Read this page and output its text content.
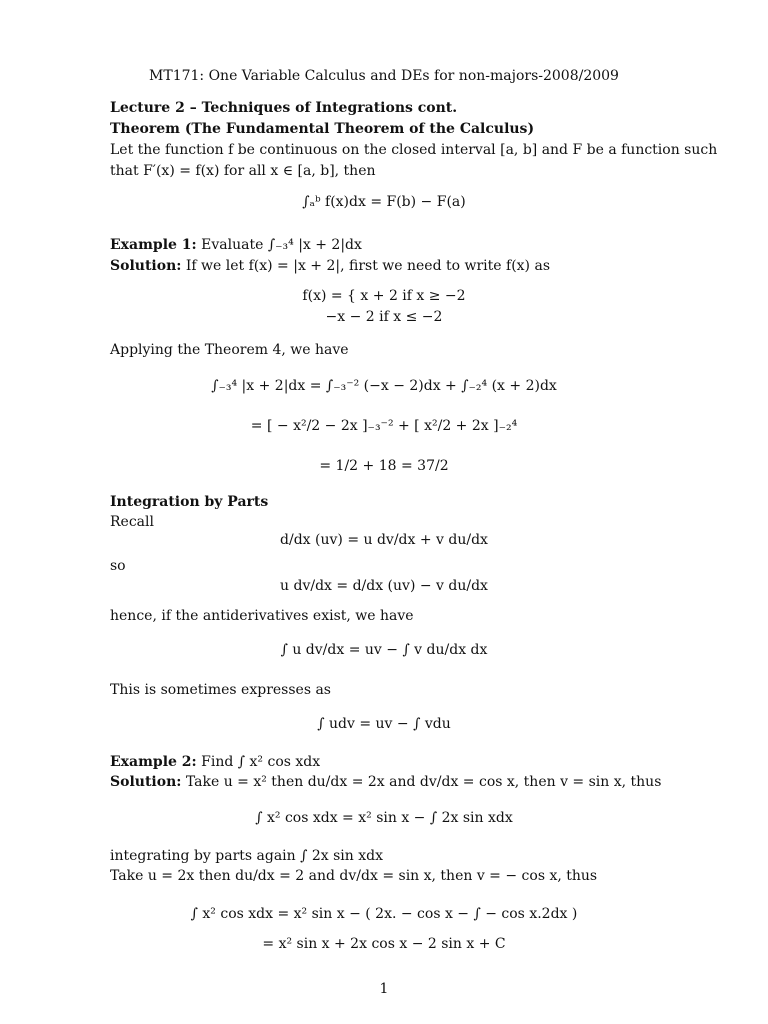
MT171: One Variable Calculus and DEs for non-majors-2008/2009
Lecture 2 – Techniques of Integrations cont.
Theorem (The Fundamental Theorem of the Calculus)
Let the function f be continuous on the closed interval [a, b] and F be a function such
that F′(x) = f(x) for all x ∈ [a, b], then
∫ₐᵇ f(x)dx = F(b) − F(a)
Example 1: Evaluate ∫₋₃⁴ |x + 2|dx
Solution: If we let f(x) = |x + 2|, first we need to write f(x) as
f(x) = { x + 2 if x ≥ −2
−x − 2 if x ≤ −2
Applying the Theorem 4, we have
∫₋₃⁴ |x + 2|dx = ∫₋₃⁻² (−x − 2)dx + ∫₋₂⁴ (x + 2)dx
= [ − x²/2 − 2x ]₋₃⁻² + [ x²/2 + 2x ]₋₂⁴
= 1/2 + 18 = 37/2
Integration by Parts
Recall
d/dx (uv) = u dv/dx + v du/dx
so
u dv/dx = d/dx (uv) − v du/dx
hence, if the antiderivatives exist, we have
∫ u dv/dx = uv − ∫ v du/dx dx
This is sometimes expresses as
∫ udv = uv − ∫ vdu
Example 2: Find ∫ x² cos xdx
Solution: Take u = x² then du/dx = 2x and dv/dx = cos x, then v = sin x, thus
∫ x² cos xdx = x² sin x − ∫ 2x sin xdx
integrating by parts again ∫ 2x sin xdx
Take u = 2x then du/dx = 2 and dv/dx = sin x, then v = − cos x, thus
∫ x² cos xdx = x² sin x − ( 2x. − cos x − ∫ − cos x.2dx )
= x² sin x + 2x cos x − 2 sin x + C
1
